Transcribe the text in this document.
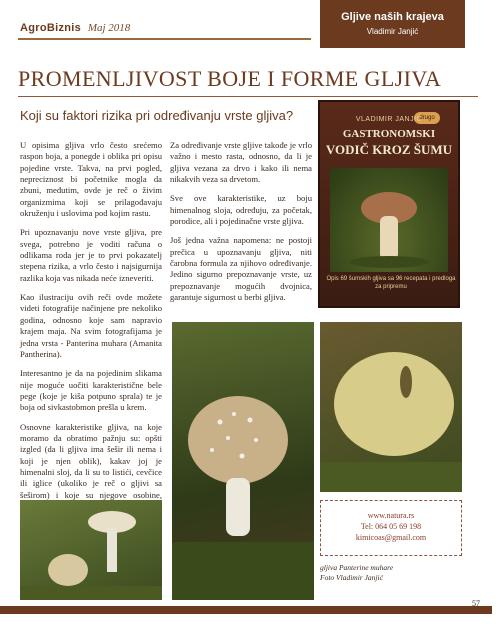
AgroBiznis Maj 2018
Gljive naših krajeva
Vladimir Janjić
PROMENLJIVOST BOJE I FORME GLJIVA
Koji su faktori rizika pri određivanju vrste gljiva?

U opisima gljiva vrlo često srećemo raspon boja, a ponegde i oblika pri opisu pojedine vrste. Takva, na prvi pogled, nepreciznost bi početnike mogla da zbuni, međutim, ovde je reč o živim organizmima koji se prilagođavaju okruženju i uslovima pod kojim rastu.

Pri upoznavanju nove vrste gljiva, pre svega, potrebno je voditi računa o odlikama roda jer je to prvi pokazatelj stepena rizika, a vrlo često i najsigurnija razlika koja vas nikada neće izneveriti.

Kao ilustraciju ovih reči ovde možete videti fotografije načinjene pre nekoliko godina, odnosno koje sam napravio krajem maja. Na svim fotografijama je jedna vrsta - Panterina muhara (Amanita Pantherina).

Interesantno je da na pojedinim slikama nije moguće uočiti karakteristične bele pege (koje je kiša potpuno sprala) te je boja od sivkastobmon prešla u krem.

Osnovne karakteristike gljiva, na koje moramo da obratimo pažnju su: opšti izgled (da li gljiva ima šešir ili nema i koji je njen oblik), kakav joj je himenalni sloj, da li su to listići, cevčice ili iglice (ukoliko je reč o gljivi sa šeširom) i koje su njegove osobine,

Za određivanje vrste gljive takođe je vrlo važno i mesto rasta, odnosno, da li je gljiva vezana za drvo i kako ili nema nikakvih veza sa drvetom.

Sve ove karakteristike, uz boju himenalnog sloja, određuju, za početak, porodice, ali i pojedinačne vrste gljiva.

Još jedna važna napomena: ne postoji prečica u upoznavanju gljiva, niti čarobna formula za njihovo određivanje. Jedino sigurno prepoznavanje vrste, uz prepoznavanje mogućih dvojnica, garantuje sigurnost u berbi gljiva.

drugo
VLADIMIR JANJIĆ
GASTRONOMSKI
VODIČ KROZ ŠUMU
Opis 69 šumskih gljiva sa 96 recepata i predloga za pripremu
www.natura.rs
Tel: 064 05 69 198
kimicoas@gmail.com
gljiva Panterine muhare
Foto Vladimir Janjić
57
